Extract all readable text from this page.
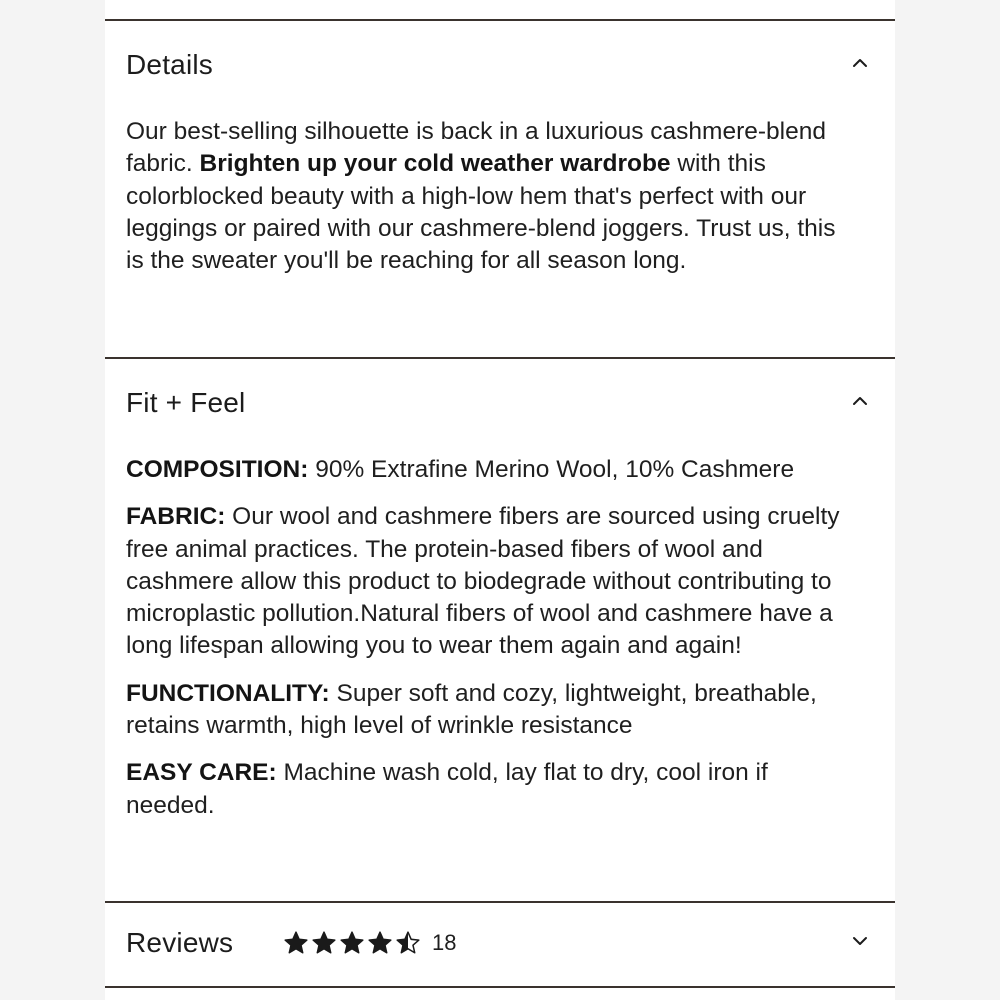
Details

Our best-selling silhouette is back in a luxurious cashmere-blend fabric. Brighten up your cold weather wardrobe with this colorblocked beauty with a high-low hem that's perfect with our leggings or paired with our cashmere-blend joggers. Trust us, this is the sweater you'll be reaching for all season long.

Fit + Feel

COMPOSITION: 90% Extrafine Merino Wool, 10% Cashmere

FABRIC: Our wool and cashmere fibers are sourced using cruelty free animal practices. The protein-based fibers of wool and cashmere allow this product to biodegrade without contributing to microplastic pollution.Natural fibers of wool and cashmere have a long lifespan allowing you to wear them again and again!

FUNCTIONALITY: Super soft and cozy, lightweight, breathable, retains warmth, high level of wrinkle resistance

EASY CARE: Machine wash cold, lay flat to dry, cool iron if needed.

Reviews	18
